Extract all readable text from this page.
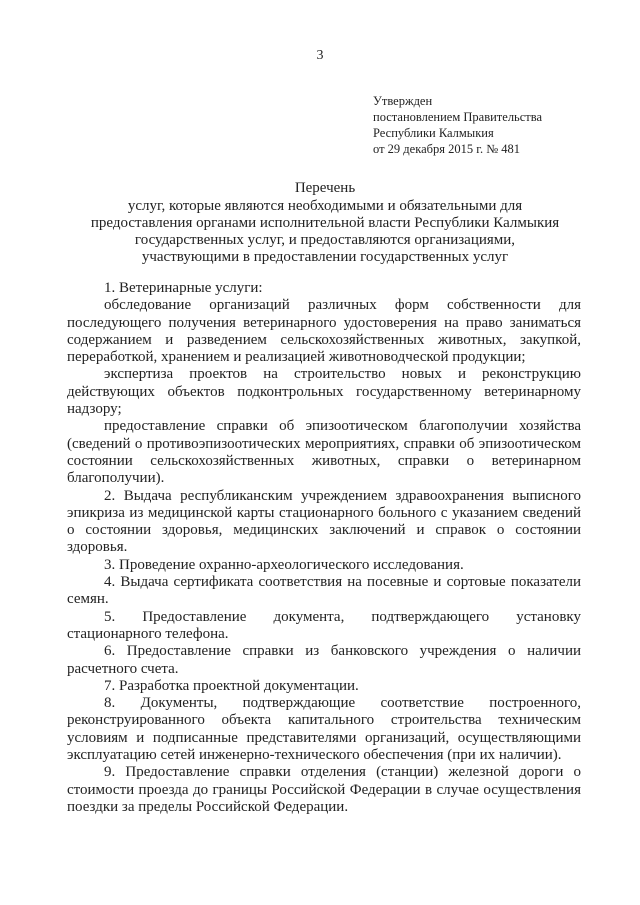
3
Утвержден
постановлением Правительства
Республики Калмыкия
от 29 декабря 2015 г. № 481
Перечень
услуг, которые являются необходимыми и обязательными для предоставления органами исполнительной власти Республики Калмыкия государственных услуг, и предоставляются организациями, участвующими в предоставлении государственных услуг

1. Ветеринарные услуги:

обследование организаций различных форм собственности для последующего получения ветеринарного удостоверения на право заниматься содержанием и разведением сельскохозяйственных животных, закупкой, переработкой, хранением и реализацией животноводческой продукции;

экспертиза проектов на строительство новых и реконструкцию действующих объектов подконтрольных государственному ветеринарному надзору;

предоставление справки об эпизоотическом благополучии хозяйства (сведений о противоэпизоотических мероприятиях, справки об эпизоотическом состоянии сельскохозяйственных животных, справки о ветеринарном благополучии).

2. Выдача республиканским учреждением здравоохранения выписного эпикриза из медицинской карты стационарного больного с указанием сведений о состоянии здоровья, медицинских заключений и справок о состоянии здоровья.

3. Проведение охранно-археологического исследования.

4. Выдача сертификата соответствия на посевные и сортовые показатели семян.

5. Предоставление документа, подтверждающего установку стационарного телефона.

6. Предоставление справки из банковского учреждения о наличии расчетного счета.

7. Разработка проектной документации.

8. Документы, подтверждающие соответствие построенного, реконструированного объекта капитального строительства техническим условиям и подписанные представителями организаций, осуществляющими эксплуатацию сетей инженерно-технического обеспечения (при их наличии).

9. Предоставление справки отделения (станции) железной дороги о стоимости проезда до границы Российской Федерации в случае осуществления поездки за пределы Российской Федерации.
